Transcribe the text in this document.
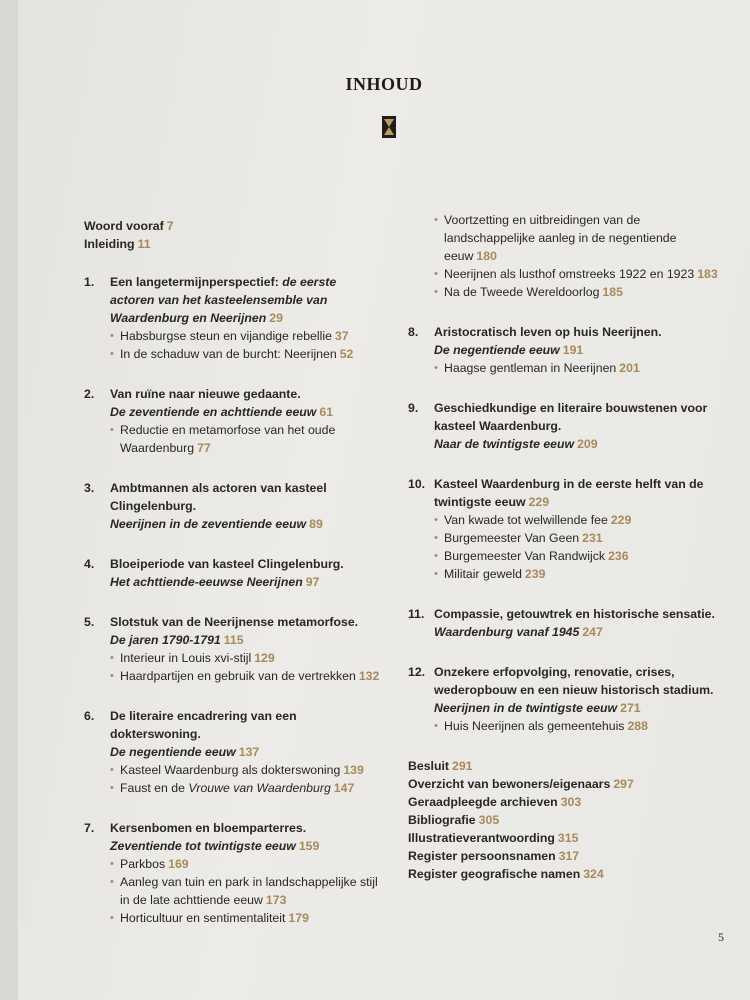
INHOUD
Woord vooraf 7
Inleiding 11
1. Een langetermijnperspectief: de eerste actoren van het kasteelensemble van Waardenburg en Neerijnen 29
• Habsburgse steun en vijandige rebellie 37
• In de schaduw van de burcht: Neerijnen 52
2. Van ruïne naar nieuwe gedaante.
De zeventiende en achttiende eeuw 61
• Reductie en metamorfose van het oude Waardenburg 77
3. Ambtmannen als actoren van kasteel Clingelenburg.
Neerijnen in de zeventiende eeuw 89
4. Bloeiperiode van kasteel Clingelenburg.
Het achttiende-eeuwse Neerijnen 97
5. Slotstuk van de Neerijnense metamorfose.
De jaren 1790-1791 115
• Interieur in Louis xvi-stijl 129
• Haardpartijen en gebruik van de vertrekken 132
6. De literaire encadrering van een dokterswoning.
De negentiende eeuw 137
• Kasteel Waardenburg als dokterswoning 139
• Faust en de Vrouwe van Waardenburg 147
7. Kersenbomen en bloemparterres.
Zeventiende tot twintigste eeuw 159
• Parkbos 169
• Aanleg van tuin en park in landschappelijke stijl in de late achttiende eeuw 173
• Horticultuur en sentimentaliteit 179
• Voortzetting en uitbreidingen van de landschappelijke aanleg in de negentiende eeuw 180
• Neerijnen als lusthof omstreeks 1922 en 1923 183
• Na de Tweede Wereldoorlog 185
8. Aristocratisch leven op huis Neerijnen.
De negentiende eeuw 191
• Haagse gentleman in Neerijnen 201
9. Geschiedkundige en literaire bouwstenen voor kasteel Waardenburg.
Naar de twintigste eeuw 209
10. Kasteel Waardenburg in de eerste helft van de twintigste eeuw 229
• Van kwade tot welwillende fee 229
• Burgemeester Van Geen 231
• Burgemeester Van Randwijck 236
• Militair geweld 239
11. Compassie, getouwtrek en historische sensatie.
Waardenburg vanaf 1945 247
12. Onzekere erfopvolging, renovatie, crises, wederopbouw en een nieuw historisch stadium.
Neerijnen in de twintigste eeuw 271
• Huis Neerijnen als gemeentehuis 288
Besluit 291
Overzicht van bewoners/eigenaars 297
Geraadpleegde archieven 303
Bibliografie 305
Illustratieverantwoording 315
Register persoonsnamen 317
Register geografische namen 324
5
